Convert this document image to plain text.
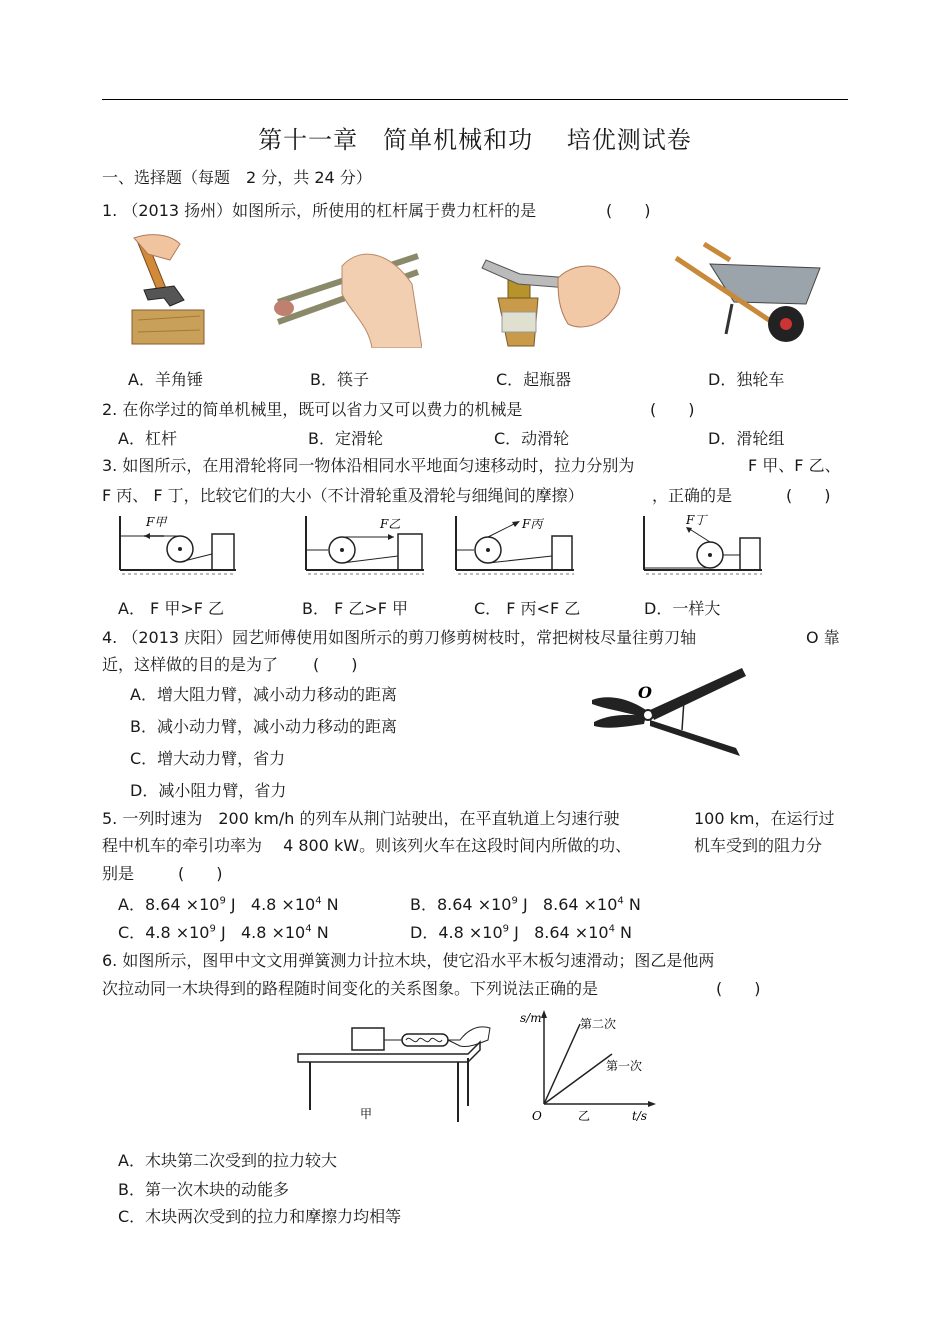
第十一章　简单机械和功　 培优测试卷
一、选择题（每题　2 分，共 24 分）
1. （2013 扬州）如图所示，所使用的杠杆属于费力杠杆的是	(　　)
A．羊角锤	B．筷子	C．起瓶器	D．独轮车
2. 在你学过的简单机械里，既可以省力又可以费力的机械是	(　　)
A．杠杆	B．定滑轮	C．动滑轮	D．滑轮组
3. 如图所示，在用滑轮将同一物体沿相同水平地面匀速移动时，拉力分别为	F 甲、F 乙、
F 丙、 F 丁，比较它们的大小（不计滑轮重及滑轮与细绳间的摩擦）	，正确的是	(　　)
F甲	F乙	F丙	F丁
A． F 甲>F 乙	B． F 乙>F 甲	C． F 丙<F 乙	D．一样大
4. （2013 庆阳）园艺师傅使用如图所示的剪刀修剪树枝时，常把树枝尽量往剪刀轴	O 靠
近，这样做的目的是为了 (　　)
A．增大阻力臂，减小动力移动的距离
B．减小动力臂，减小动力移动的距离
C．增大动力臂，省力
D．减小阻力臂，省力
O
5. 一列时速为　200 km/h 的列车从荆门站驶出，在平直轨道上匀速行驶	100 km，在运行过
程中机车的牵引功率为　 4 800 kW。则该列火车在这段时间内所做的功、	机车受到的阻力分
别是	(　　)
A．$8.64 \times 10^9$ J $4.8 \times 10^4$ N	B．$8.64 \times 10^9$ J $8.64 \times 10^4$ N
C．$4.8 \times 10^9$ J $4.8 \times 10^4$ N	D．$4.8 \times 10^9$ J $8.64 \times 10^4$ N
6. 如图所示，图甲中文文用弹簧测力计拉木块，使它沿水平木板匀速滑动；图乙是他两
次拉动同一木块得到的路程随时间变化的关系图象。下列说法正确的是	(　　)
甲
s/m
t/s
O
第二次
第一次
乙
A．木块第二次受到的拉力较大
B．第一次木块的动能多
C．木块两次受到的拉力和摩擦力均相等
